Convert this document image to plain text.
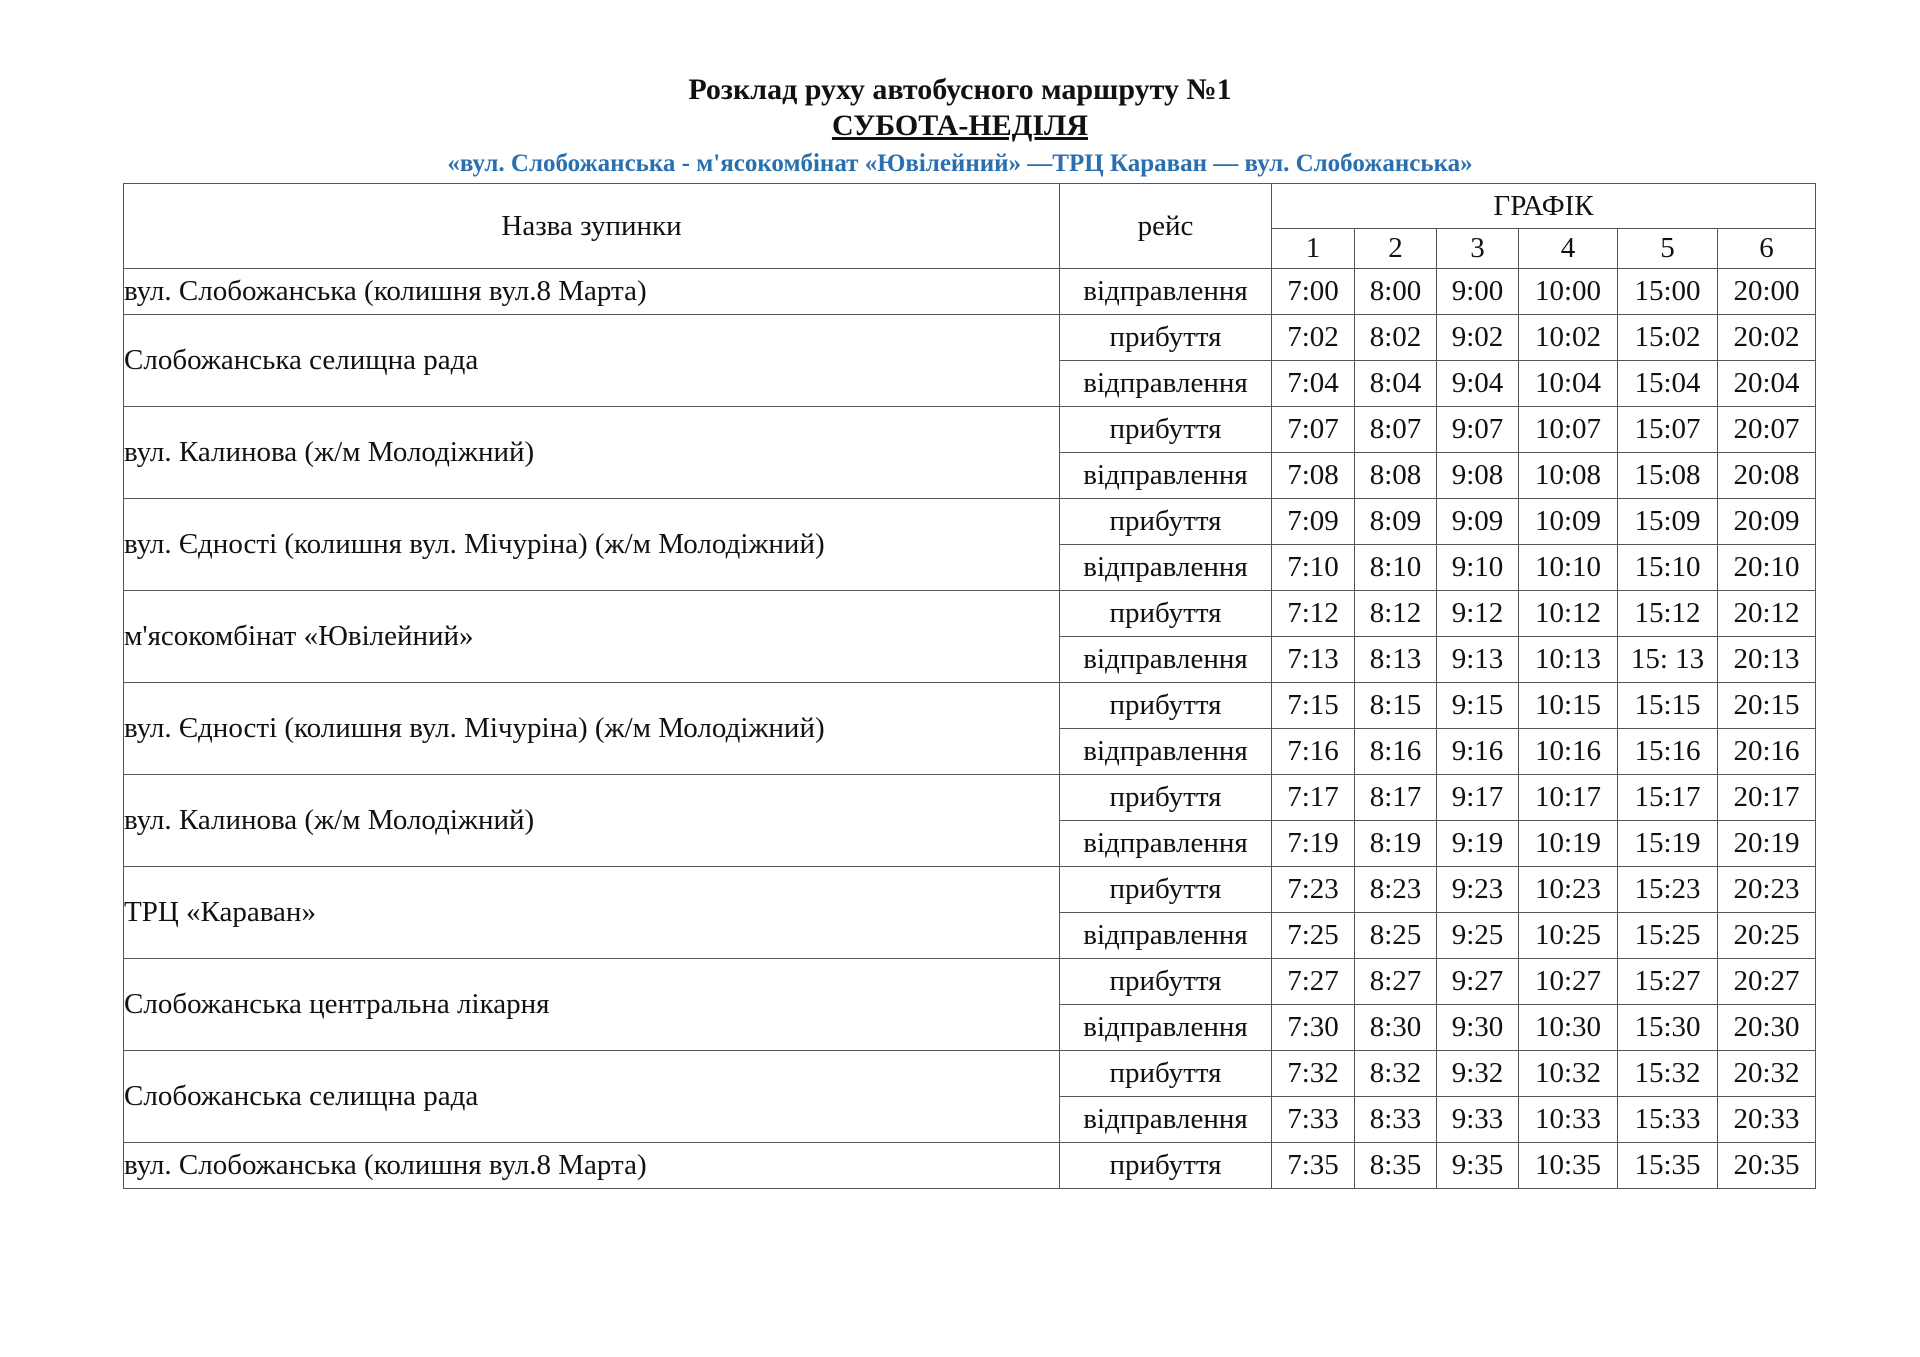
Розклад руху автобусного маршруту №1
СУБОТА-НЕДІЛЯ

«вул. Слобожанська - м'ясокомбінат «Ювілейний» —ТРЦ Караван — вул. Слобожанська»

Назва зупинки	рейс	ГРАФІК					
		1	2	3	4	5	6
вул. Слобожанська (колишня вул.8 Марта)	відправлення	7:00	8:00	9:00	10:00	15:00	20:00
Слобожанська селищна рада	прибуття	7:02	8:02	9:02	10:02	15:02	20:02
	відправлення	7:04	8:04	9:04	10:04	15:04	20:04
вул. Калинова (ж/м Молодіжний)	прибуття	7:07	8:07	9:07	10:07	15:07	20:07
	відправлення	7:08	8:08	9:08	10:08	15:08	20:08
вул. Єдності (колишня вул. Мічуріна) (ж/м Молодіжний)	прибуття	7:09	8:09	9:09	10:09	15:09	20:09
	відправлення	7:10	8:10	9:10	10:10	15:10	20:10
м'ясокомбінат «Ювілейний»	прибуття	7:12	8:12	9:12	10:12	15:12	20:12
	відправлення	7:13	8:13	9:13	10:13	15: 13	20:13
вул. Єдності (колишня вул. Мічуріна) (ж/м Молодіжний)	прибуття	7:15	8:15	9:15	10:15	15:15	20:15
	відправлення	7:16	8:16	9:16	10:16	15:16	20:16
вул. Калинова (ж/м Молодіжний)	прибуття	7:17	8:17	9:17	10:17	15:17	20:17
	відправлення	7:19	8:19	9:19	10:19	15:19	20:19
ТРЦ «Караван»	прибуття	7:23	8:23	9:23	10:23	15:23	20:23
	відправлення	7:25	8:25	9:25	10:25	15:25	20:25
Слобожанська центральна лікарня	прибуття	7:27	8:27	9:27	10:27	15:27	20:27
	відправлення	7:30	8:30	9:30	10:30	15:30	20:30
Слобожанська селищна рада	прибуття	7:32	8:32	9:32	10:32	15:32	20:32
	відправлення	7:33	8:33	9:33	10:33	15:33	20:33
вул. Слобожанська (колишня вул.8 Марта)	прибуття	7:35	8:35	9:35	10:35	15:35	20:35
